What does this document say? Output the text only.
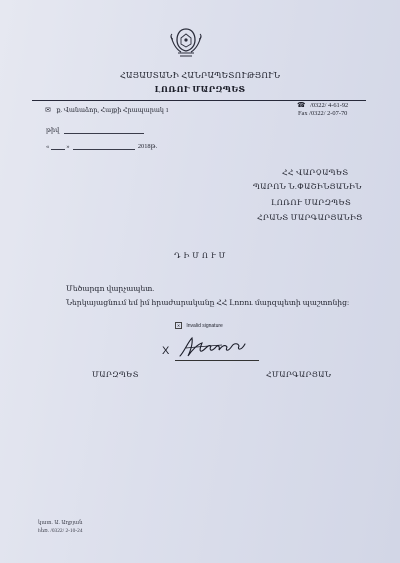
ՀԱՅԱՍՏԱՆԻ ՀԱՆՐԱՊԵՏՈՒԹՅՈՒՆ
ԼՈՌՈՒ ՄԱՐԶՊԵՏ
✉ ք. Վանաձոր, Հայքի Հրապարակ 1
☎ /0322/ 4-61-92
Fax /0322/ 2-07-70
թիվ
«	»	2018թ.
ՀՀ ՎԱՐՉԱՊԵՏ
ՊԱՐՈՆ Ն.ՓԱՇԻՆՅԱՆԻՆ
ԼՈՌՈՒ ՄԱՐԶՊԵՏ
ՀՐԱՆՏ ՄԱՐԳԱՐՅԱՆԻՑ
Դ Ի Մ Ո Ւ Մ
Մեծարգո վարչապետ.
Ներկայացնում եմ իմ հրաժարականը ՀՀ Լոռու մարզպետի պաշտոնից:
✕ Invalid signature
X
ՄԱՐԶՊԵՏ	ՀՄԱՐԳԱՐՅԱՆ
կատ. Ա. Աղբյան
hեռ. /0322/ 2-10-24
